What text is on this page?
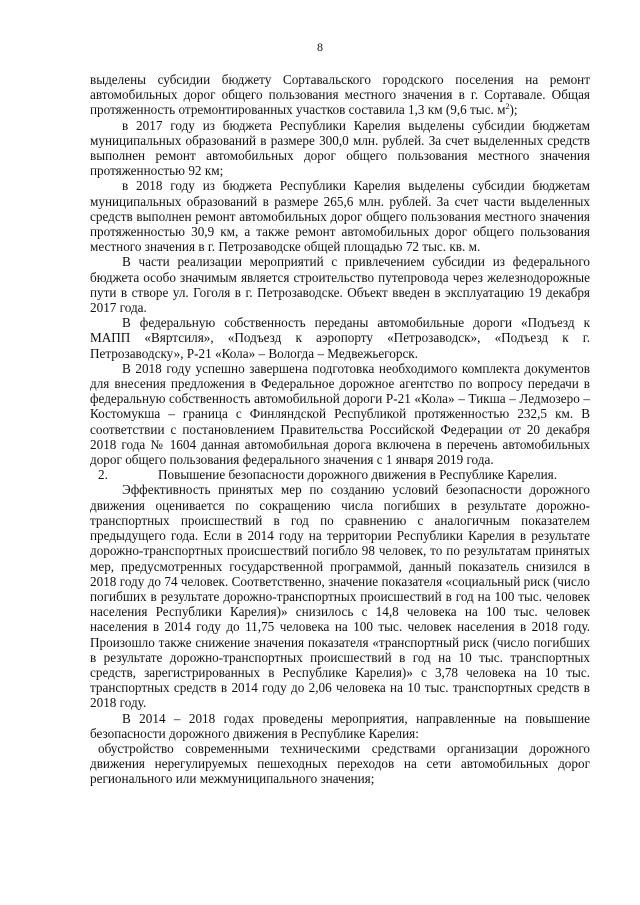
8

выделены субсидии бюджету Сортавальского городского поселения на ремонт автомобильных дорог общего пользования местного значения в г. Сортавале. Общая протяженность отремонтированных участков составила 1,3 км (9,6 тыс. $м^2$);

в 2017 году из бюджета Республики Карелия выделены субсидии бюджетам муниципальных образований в размере 300,0 млн. рублей. За счет выделенных средств выполнен ремонт автомобильных дорог общего пользования местного значения протяженностью 92 км;

в 2018 году из бюджета Республики Карелия выделены субсидии бюджетам муниципальных образований в размере 265,6 млн. рублей. За счет части выделенных средств выполнен ремонт автомобильных дорог общего пользования местного значения протяженностью 30,9 км, а также ремонт автомобильных дорог общего пользования местного значения в г. Петрозаводске общей площадью 72 тыс. кв. м.

В части реализации мероприятий с привлечением субсидии из федерального бюджета особо значимым является строительство путепровода через железнодорожные пути в створе ул. Гоголя в г. Петрозаводске. Объект введен в эксплуатацию 19 декабря 2017 года.

В федеральную собственность переданы автомобильные дороги «Подъезд к МАПП «Вяртсиля», «Подъезд к аэропорту «Петрозаводск», «Подъезд к г. Петрозаводску», Р-21 «Кола» – Вологда – Медвежьегорск.

В 2018 году успешно завершена подготовка необходимого комплекта документов для внесения предложения в Федеральное дорожное агентство по вопросу передачи в федеральную собственность автомобильной дороги Р-21 «Кола» – Тикша – Ледмозеро – Костомукша – граница с Финляндской Республикой протяженностью 232,5 км. В соответствии с постановлением Правительства Российской Федерации от 20 декабря 2018 года № 1604 данная автомобильная дорога включена в перечень автомобильных дорог общего пользования федерального значения с 1 января 2019 года.

2.	Повышение безопасности дорожного движения в Республике Карелия.

Эффективность принятых мер по созданию условий безопасности дорожного движения оценивается по сокращению числа погибших в результате дорожно-транспортных происшествий в год по сравнению с аналогичным показателем предыдущего года. Если в 2014 году на территории Республики Карелия в результате дорожно-транспортных происшествий погибло 98 человек, то по результатам принятых мер, предусмотренных государственной программой, данный показатель снизился в 2018 году до 74 человек. Соответственно, значение показателя «социальный риск (число погибших в результате дорожно-транспортных происшествий в год на 100 тыс. человек населения Республики Карелия)» снизилось с 14,8 человека на 100 тыс. человек населения в 2014 году до 11,75 человека на 100 тыс. человек населения в 2018 году. Произошло также снижение значения показателя «транспортный риск (число погибших в результате дорожно-транспортных происшествий в год на 10 тыс. транспортных средств, зарегистрированных в Республике Карелия)» с 3,78 человека на 10 тыс. транспортных средств в 2014 году до 2,06 человека на 10 тыс. транспортных средств в 2018 году.

В 2014 – 2018 годах проведены мероприятия, направленные на повышение безопасности дорожного движения в Республике Карелия:

обустройство современными техническими средствами организации дорожного движения нерегулируемых пешеходных переходов на сети автомобильных дорог регионального или межмуниципального значения;
